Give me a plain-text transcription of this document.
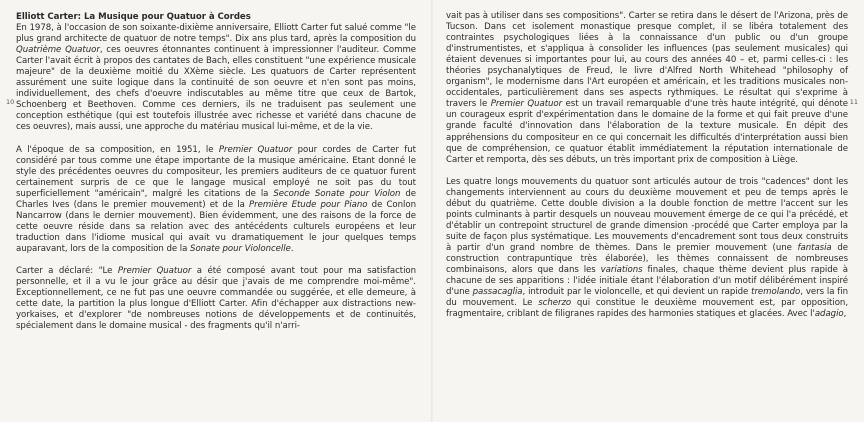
10
Elliott Carter: La Musique pour Quatuor à Cordes

En 1978, à l'occasion de son soixante-dixième anniversaire, Elliott Carter fut salué comme "le plus grand architecte de quatuor de notre temps". Dix ans plus tard, après la composition du Quatrième Quatuor, ces oeuvres étonnantes continuent à impressionner l'auditeur. Comme Carter l'avait écrit à propos des cantates de Bach, elles constituent "une expérience musicale majeure" de la deuxième moitié du XXème siècle. Les quatuors de Carter représentent assurément une suite logique dans la continuité de son oeuvre et n'en sont pas moins, individuellement, des chefs d'oeuvre indiscutables au même titre que ceux de Bartok, Schoenberg et Beethoven. Comme ces derniers, ils ne traduisent pas seulement une conception esthétique (qui est toutefois illustrée avec richesse et variété dans chacune de ces oeuvres), mais aussi, une approche du matériau musical lui-même, et de la vie.

A l'époque de sa composition, en 1951, le Premier Quatuor pour cordes de Carter fut considéré par tous comme une étape importante de la musique américaine. Etant donné le style des précédentes oeuvres du compositeur, les premiers auditeurs de ce quatuor furent certainement surpris de ce que le langage musical employé ne soit pas du tout superficiellement "américain", malgré les citations de la Seconde Sonate pour Violon de Charles Ives (dans le premier mouvement) et de la Première Etude pour Piano de Conlon Nancarrow (dans le dernier mouvement). Bien évidemment, une des raisons de la force de cette oeuvre réside dans sa relation avec des antécédents culturels européens et leur traduction dans l'idiome musical qui avait vu dramatiquement le jour quelques temps auparavant, lors de la composition de la Sonate pour Violoncelle.

Carter a déclaré: "Le Premier Quatuor a été composé avant tout pour ma satisfaction personnelle, et il a vu le jour grâce au désir que j'avais de me comprendre moi-même". Exceptionnellement, ce ne fut pas une oeuvre commandée ou suggérée, et elle demeure, à cette date, la partition la plus longue d'Elliott Carter. Afin d'échapper aux distractions new-yorkaises, et d'explorer "de nombreuses notions de développements et de continuités, spécialement dans le domaine musical - des fragments qu'il n'arri-

11

vait pas à utiliser dans ses compositions". Carter se retira dans le désert de l'Arizona, près de Tucson. Dans cet isolement monastique presque complet, il se libéra totalement des contraintes psychologiques liées à la connaissance d'un public ou d'un groupe d'instrumentistes, et s'appliqua à consolider les influences (pas seulement musicales) qui étaient devenues si importantes pour lui, au cours des années 40 – et, parmi celles-ci : les théories psychanalytiques de Freud, le livre d'Alfred North Whitehead "philosophy of organism", le modernisme dans l'Art européen et américain, et les traditions musicales non-occidentales, particulièrement dans ses aspects rythmiques. Le résultat qui s'exprime à travers le Premier Quatuor est un travail remarquable d'une très haute intégrité, qui dénote un courageux esprit d'expérimentation dans le domaine de la forme et qui fait preuve d'une grande faculté d'innovation dans l'élaboration de la texture musicale. En dépit des appréhensions du compositeur en ce qui concernait les difficultés d'interprétation aussi bien que de compréhension, ce quatuor établit immédiatement la réputation internationale de Carter et remporta, dès ses débuts, un très important prix de composition à Liège.

Les quatre longs mouvements du quatuor sont articulés autour de trois "cadences" dont les changements interviennent au cours du deuxième mouvement et peu de temps après le début du quatrième. Cette double division a la double fonction de mettre l'accent sur les points culminants à partir desquels un nouveau mouvement émerge de ce qui l'a précédé, et d'établir un contrepoint structurel de grande dimension -procédé que Carter employa par la suite de façon plus systématique. Les mouvements d'encadrement sont tous deux construits à partir d'un grand nombre de thèmes. Dans le premier mouvement (une fantasia de construction contrapuntique très élaborée), les thèmes connaissent de nombreuses combinaisons, alors que dans les variations finales, chaque thème devient plus rapide à chacune de ses apparitions : l'idée initiale étant l'élaboration d'un motif délibérément inspiré d'une passacaglia, introduit par le violoncelle, et qui devient un rapide tremolando, vers la fin du mouvement. Le scherzo qui constitue le deuxième mouvement est, par opposition, fragmentaire, criblant de filigranes rapides des harmonies statiques et glacées. Avec l'adagio,
